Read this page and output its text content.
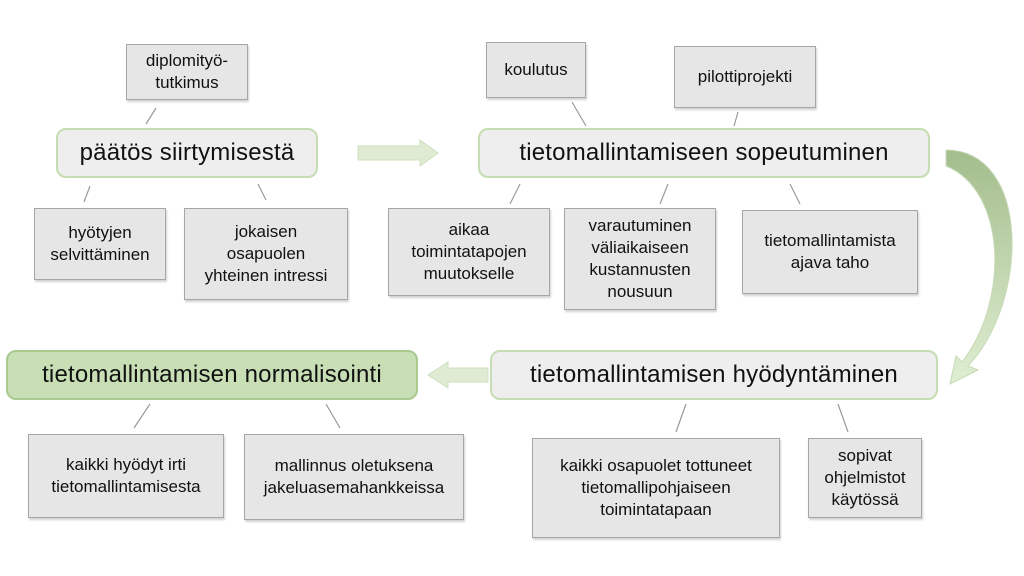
päätös siirtymisestä
diplomityö-
tutkimus
hyötyjen
selvittäminen
jokaisen
osapuolen
yhteinen intressi
tietomallintamiseen sopeutuminen
koulutus	pilottiprojekti
aikaa
toimintatapojen
muutokselle
varautuminen
väliaikaiseen
kustannusten
nousuun
tietomallintamista
ajava taho
tietomallintamisen hyödyntäminen
kaikki osapuolet tottuneet
tietomallipohjaiseen
toimintatapaan
sopivat
ohjelmistot
käytössä
tietomallintamisen normalisointi
kaikki hyödyt irti
tietomallintamisesta
mallinnus oletuksena
jakeluasemahankkeissa
